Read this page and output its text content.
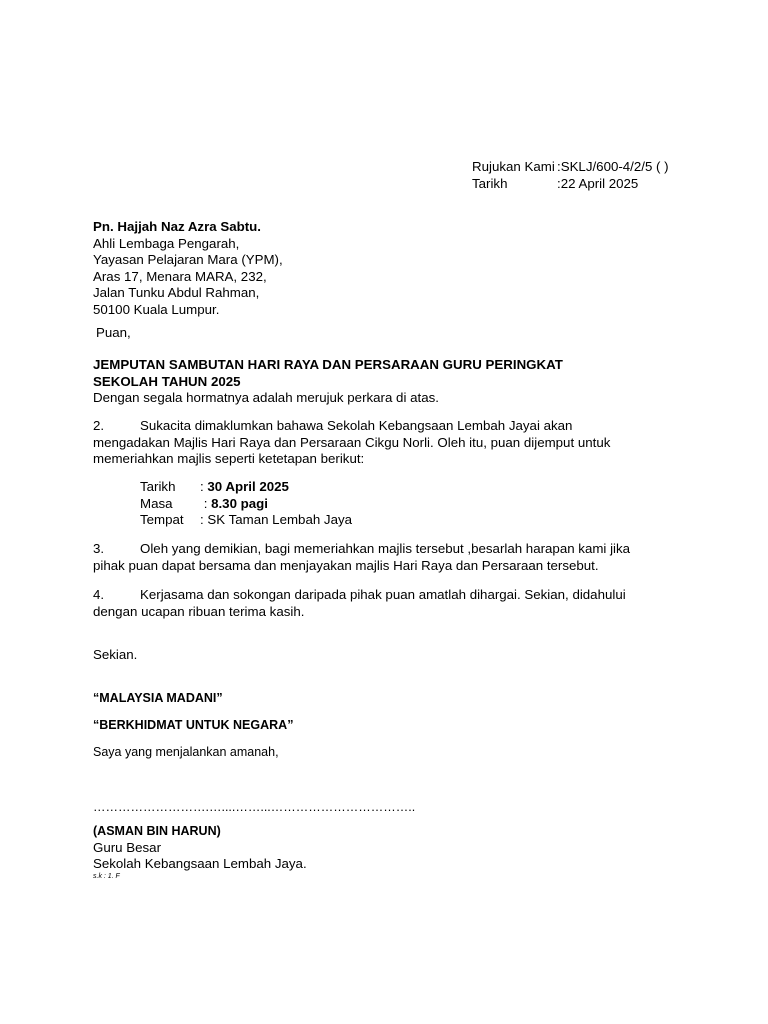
Rujukan Kami :SKLJ/600-4/2/5 ( )
Tarikh	:22 April 2025
Pn. Hajjah Naz Azra Sabtu.
Ahli Lembaga Pengarah,
Yayasan Pelajaran Mara (YPM),
Aras 17, Menara MARA, 232,
Jalan Tunku Abdul Rahman,
50100 Kuala Lumpur.
Puan,
JEMPUTAN SAMBUTAN HARI RAYA DAN PERSARAAN GURU PERINGKAT
SEKOLAH TAHUN 2025
Dengan segala hormatnya adalah merujuk perkara di atas.
2.	Sukacita dimaklumkan bahawa Sekolah Kebangsaan Lembah Jayai akan
mengadakan Majlis Hari Raya dan Persaraan Cikgu Norli. Oleh itu, puan dijemput untuk
memeriahkan majlis seperti ketetapan berikut:
Tarikh	: 30 April 2025
Masa	: 8.30 pagi
Tempat	: SK Taman Lembah Jaya
3.	Oleh yang demikian, bagi memeriahkan majlis tersebut ,besarlah harapan kami jika
pihak puan dapat bersama dan menjayakan majlis Hari Raya dan Persaraan tersebut.
4.	Kerjasama dan sokongan daripada pihak puan amatlah dihargai. Sekian, didahului
dengan ucapan ribuan terima kasih.
Sekian.
“MALAYSIA MADANI”
“BERKHIDMAT UNTUK NEGARA”
Saya yang menjalankan amanah,
……………………….…....……...……………………………..
(ASMAN BIN HARUN)
Guru Besar
Sekolah Kebangsaan Lembah Jaya.
s.k : 1. F
